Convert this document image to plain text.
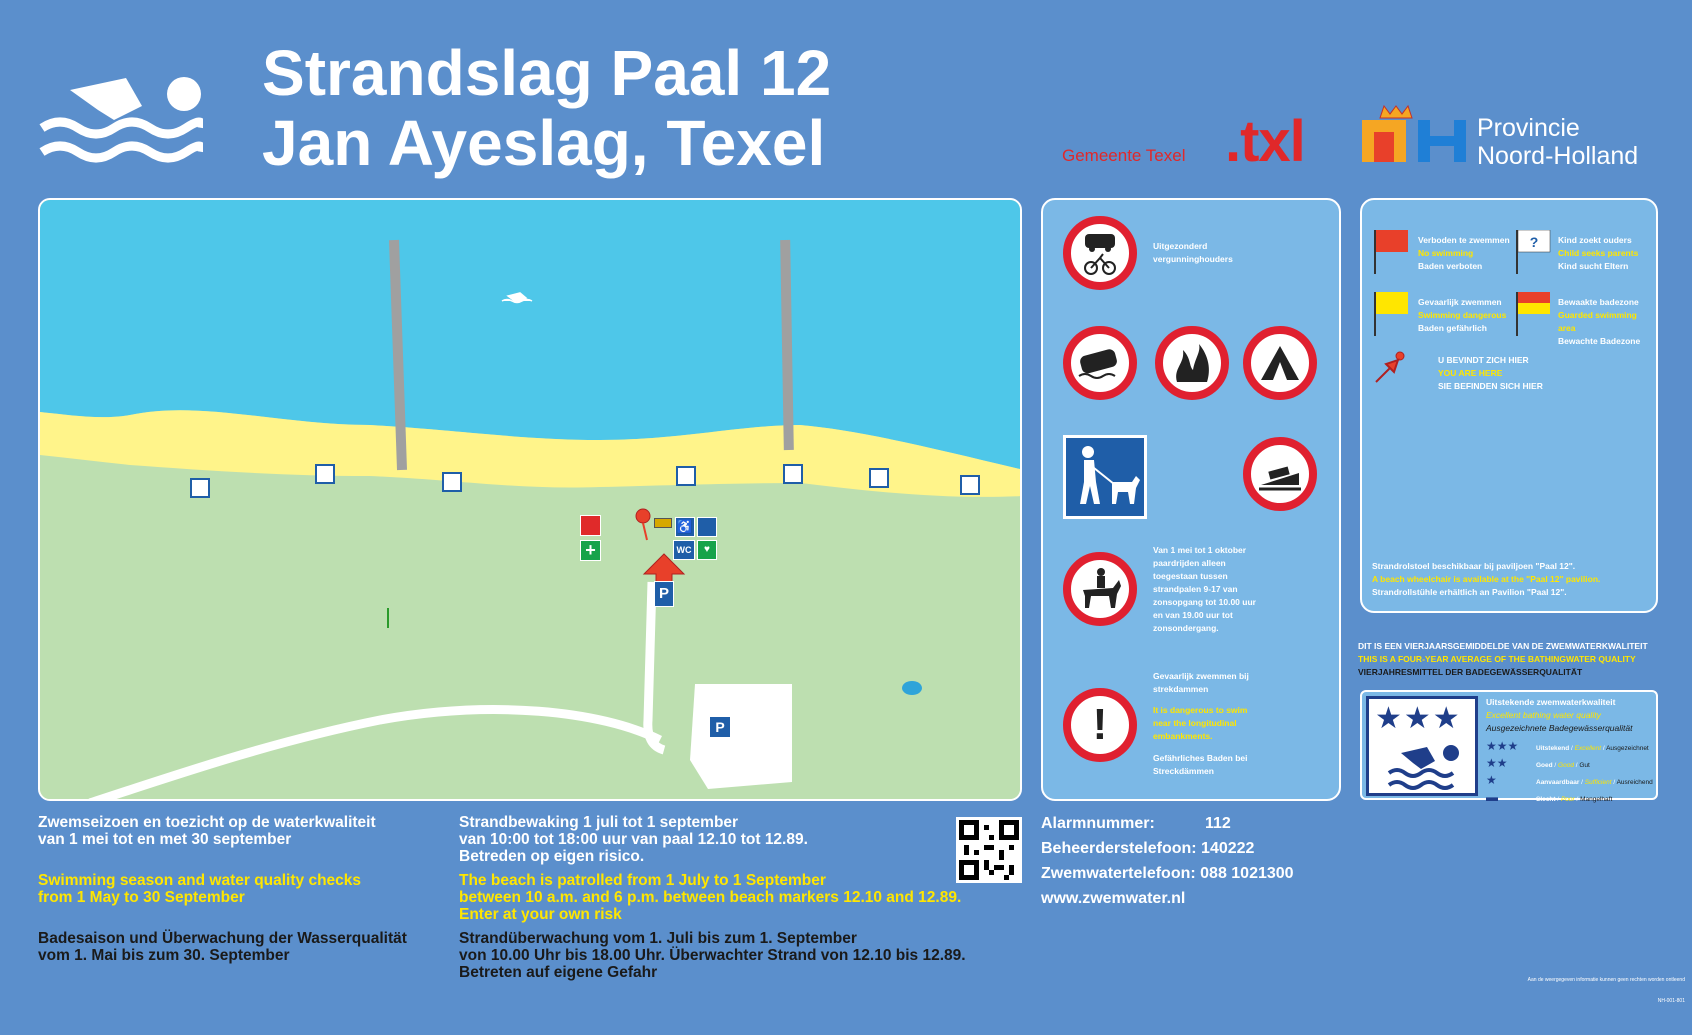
Strandslag Paal 12
Jan Ayeslag, Texel	Gemeente Texel .txl	Provincie
Noord-Holland
+
♿
WC	♥
P
P
Uitgezonderd vergunninghouders
Van 1 mei tot 1 oktober paardrijden alleen toegestaan tussen strandpalen 9-17 van zonsopgang tot 10.00 uur en van 19.00 uur tot zonsondergang.
!
Gevaarlijk zwemmen bij strekdammen
It is dangerous to swim near the longitudinal embankments.
Gefährliches Baden bei Streckdämmen
Verboden te zwemmen
No swimming
Baden verboten
? Kind zoekt ouders
Child seeks parents
Kind sucht Eltern
Gevaarlijk zwemmen
Swimming dangerous
Baden gefährlich
Bewaakte badezone
Guarded swimming area
Bewachte Badezone
U BEVINDT ZICH HIER
YOU ARE HERE
SIE BEFINDEN SICH HIER
Strandrolstoel beschikbaar bij paviljoen "Paal 12".
A beach wheelchair is available at the "Paal 12" pavilion.
Strandrollstühle erhältlich an Pavilion "Paal 12".
DIT IS EEN VIERJAARSGEMIDDELDE VAN DE ZWEMWATERKWALITEIT
THIS IS A FOUR-YEAR AVERAGE OF THE BATHINGWATER QUALITY
VIERJAHRESMITTEL DER BADEGEWÄSSERQUALITÄT
★★★	Uitstekende zwemwaterkwaliteit
Excellent bathing water quality
Ausgezeichnete Badegewässerqualität
★★★	Uitstekend / Excellent / Ausgezeichnet
★★	Goed / Good / Gut
★	Aanvaardbaar / Sufficient / Ausreichend
▬	Slecht / Poor / Mangelhaft
Zwemseizoen en toezicht op de waterkwaliteit
van 1 mei tot en met 30 september
Swimming season and water quality checks
from 1 May to 30 September
Badesaison und Überwachung der Wasserqualität
vom 1. Mai bis zum 30. September
Strandbewaking 1 juli tot 1 september
van 10:00 tot 18:00 uur van paal 12.10 tot 12.89.
Betreden op eigen risico.
The beach is patrolled from 1 July to 1 September
between 10 a.m. and 6 p.m. between beach markers 12.10 and 12.89.
Enter at your own risk
Strandüberwachung vom 1. Juli bis zum 1. September
von 10.00 Uhr bis 18.00 Uhr. Überwachter Strand von 12.10 bis 12.89.
Betreten auf eigene Gefahr
Alarmnummer:	112
Beheerderstelefoon: 140222
Zwemwatertelefoon: 088 1021300
www.zwemwater.nl
Aan de weergegeven informatie kunnen geen rechten worden ontleend
NH-001-801
